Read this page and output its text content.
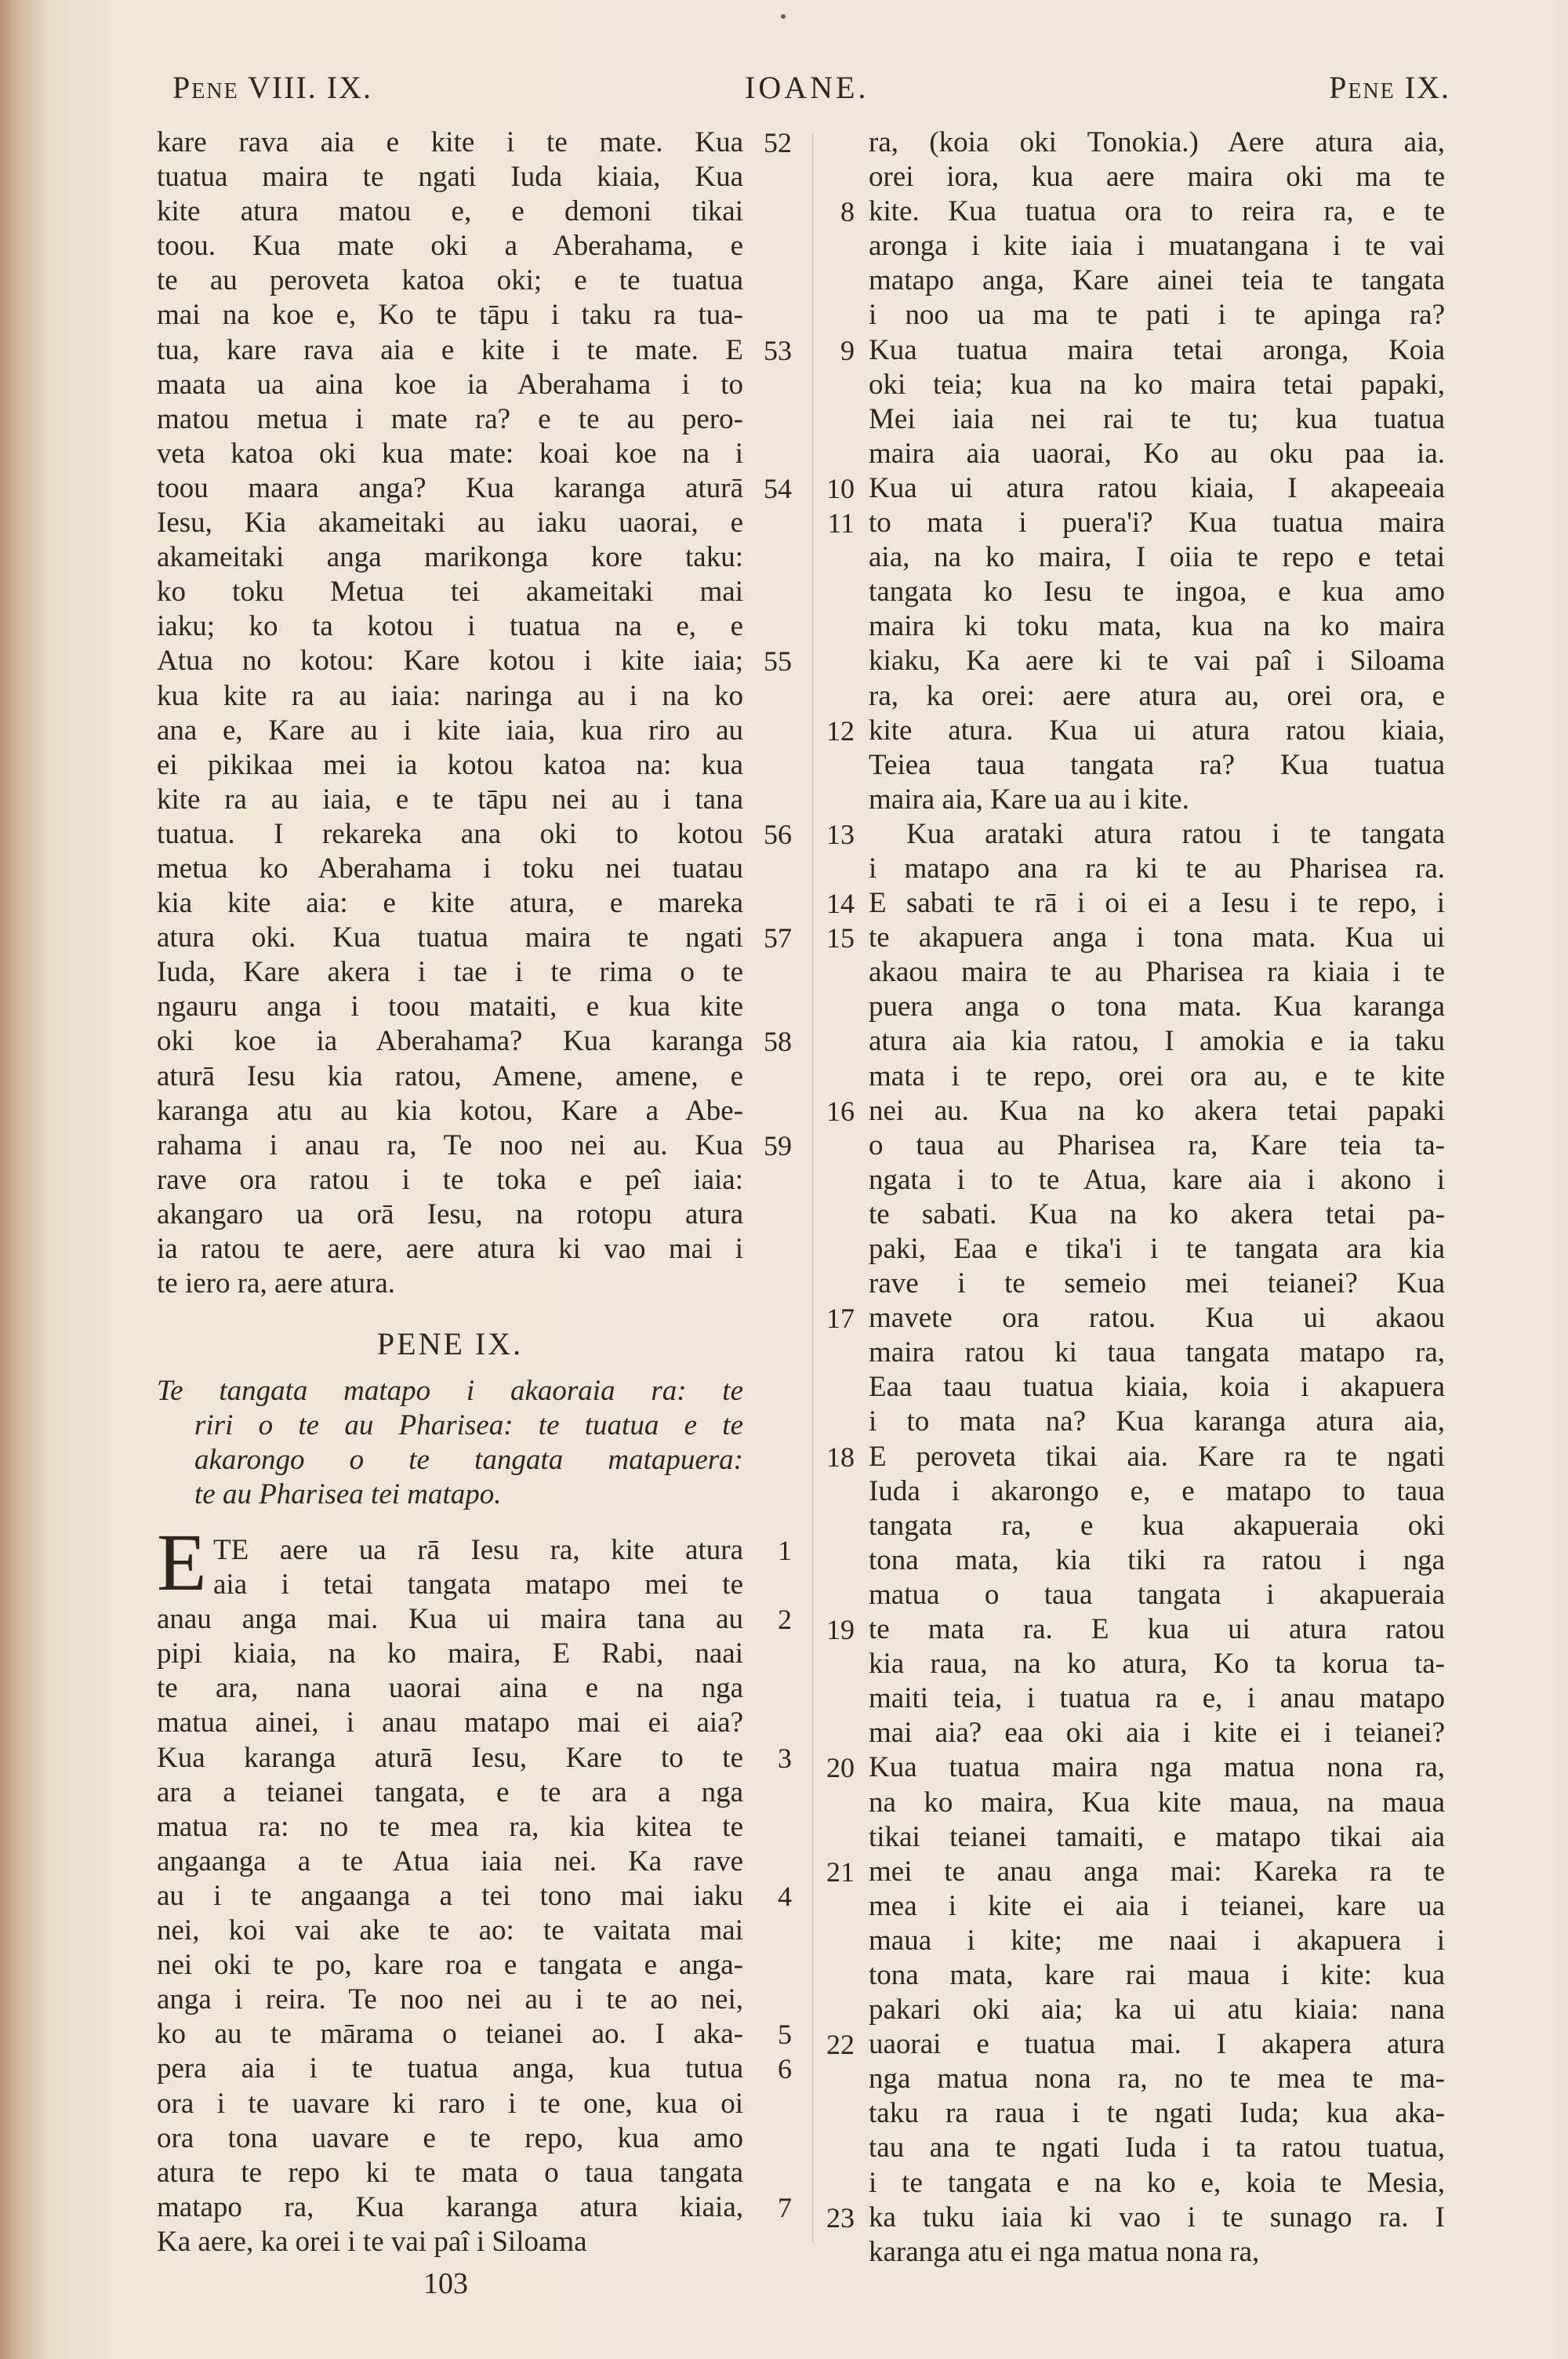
Pene VIII. IX.	IOANE.	Pene IX.
kare rava aia e kite i te mate. Kua
tuatua maira te ngati Iuda kiaia, Kua
kite atura matou e, e demoni tikai
toou. Kua mate oki a Aberahama, e
te au peroveta katoa oki; e te tuatua
mai na koe e, Ko te tāpu i taku ra tua-
tua, kare rava aia e kite i te mate. E
maata ua aina koe ia Aberahama i to
matou metua i mate ra? e te au pero-
veta katoa oki kua mate: koai koe na i
toou maara anga? Kua karanga aturā
Iesu, Kia akameitaki au iaku uaorai, e
akameitaki anga marikonga kore taku:
ko toku Metua tei akameitaki mai
iaku; ko ta kotou i tuatua na e, e
Atua no kotou: Kare kotou i kite iaia;
kua kite ra au iaia: naringa au i na ko
ana e, Kare au i kite iaia, kua riro au
ei pikikaa mei ia kotou katoa na: kua
kite ra au iaia, e te tāpu nei au i tana
tuatua. I rekareka ana oki to kotou
metua ko Aberahama i toku nei tuatau
kia kite aia: e kite atura, e mareka
atura oki. Kua tuatua maira te ngati
Iuda, Kare akera i tae i te rima o te
ngauru anga i toou mataiti, e kua kite
oki koe ia Aberahama? Kua karanga
aturā Iesu kia ratou, Amene, amene, e
karanga atu au kia kotou, Kare a Abe-
rahama i anau ra, Te noo nei au. Kua
rave ora ratou i te toka e peî iaia:
akangaro ua orā Iesu, na rotopu atura
ia ratou te aere, aere atura ki vao mai i
te iero ra, aere atura.
52
53
54
55
56
57
58
59
PENE IX.
Te tangata matapo i akaoraia ra: te
riri o te au Pharisea: te tuatua e te
akarongo o te tangata matapuera:
te au Pharisea tei matapo.
E TE aere ua rā Iesu ra, kite atura
aia i tetai tangata matapo mei te
anau anga mai. Kua ui maira tana au
pipi kiaia, na ko maira, E Rabi, naai
te ara, nana uaorai aina e na nga
matua ainei, i anau matapo mai ei aia?
Kua karanga aturā Iesu, Kare to te
ara a teianei tangata, e te ara a nga
matua ra: no te mea ra, kia kitea te
angaanga a te Atua iaia nei. Ka rave
au i te angaanga a tei tono mai iaku
nei, koi vai ake te ao: te vaitata mai
nei oki te po, kare roa e tangata e anga-
anga i reira. Te noo nei au i te ao nei,
ko au te mārama o teianei ao. I aka-
pera aia i te tuatua anga, kua tutua
ora i te uavare ki raro i te one, kua oi
ora tona uavare e te repo, kua amo
atura te repo ki te mata o taua tangata
matapo ra, Kua karanga atura kiaia,
Ka aere, ka orei i te vai paî i Siloama
1
2
3
4
5
6
7
ra, (koia oki Tonokia.) Aere atura aia,
orei iora, kua aere maira oki ma te
kite. Kua tuatua ora to reira ra, e te
aronga i kite iaia i muatangana i te vai
matapo anga, Kare ainei teia te tangata
i noo ua ma te pati i te apinga ra?
Kua tuatua maira tetai aronga, Koia
oki teia; kua na ko maira tetai papaki,
Mei iaia nei rai te tu; kua tuatua
maira aia uaorai, Ko au oku paa ia.
Kua ui atura ratou kiaia, I akapeeaia
to mata i puera'i? Kua tuatua maira
aia, na ko maira, I oiia te repo e tetai
tangata ko Iesu te ingoa, e kua amo
maira ki toku mata, kua na ko maira
kiaku, Ka aere ki te vai paî i Siloama
ra, ka orei: aere atura au, orei ora, e
kite atura. Kua ui atura ratou kiaia,
Teiea taua tangata ra? Kua tuatua
maira aia, Kare ua au i kite.
Kua arataki atura ratou i te tangata
i matapo ana ra ki te au Pharisea ra.
E sabati te rā i oi ei a Iesu i te repo, i
te akapuera anga i tona mata. Kua ui
akaou maira te au Pharisea ra kiaia i te
puera anga o tona mata. Kua karanga
atura aia kia ratou, I amokia e ia taku
mata i te repo, orei ora au, e te kite
nei au. Kua na ko akera tetai papaki
o taua au Pharisea ra, Kare teia ta-
ngata i to te Atua, kare aia i akono i
te sabati. Kua na ko akera tetai pa-
paki, Eaa e tika'i i te tangata ara kia
rave i te semeio mei teianei? Kua
mavete ora ratou. Kua ui akaou
maira ratou ki taua tangata matapo ra,
Eaa taau tuatua kiaia, koia i akapuera
i to mata na? Kua karanga atura aia,
E peroveta tikai aia. Kare ra te ngati
Iuda i akarongo e, e matapo to taua
tangata ra, e kua akapueraia oki
tona mata, kia tiki ra ratou i nga
matua o taua tangata i akapueraia
te mata ra. E kua ui atura ratou
kia raua, na ko atura, Ko ta korua ta-
maiti teia, i tuatua ra e, i anau matapo
mai aia? eaa oki aia i kite ei i teianei?
Kua tuatua maira nga matua nona ra,
na ko maira, Kua kite maua, na maua
tikai teianei tamaiti, e matapo tikai aia
mei te anau anga mai: Kareka ra te
mea i kite ei aia i teianei, kare ua
maua i kite; me naai i akapuera i
tona mata, kare rai maua i kite: kua
pakari oki aia; ka ui atu kiaia: nana
uaorai e tuatua mai. I akapera atura
nga matua nona ra, no te mea te ma-
taku ra raua i te ngati Iuda; kua aka-
tau ana te ngati Iuda i ta ratou tuatua,
i te tangata e na ko e, koia te Mesia,
ka tuku iaia ki vao i te sunago ra. I
karanga atu ei nga matua nona ra,
8
9
10
11
12
13
14
15
16
17
18
19
20
21
22
23
103
